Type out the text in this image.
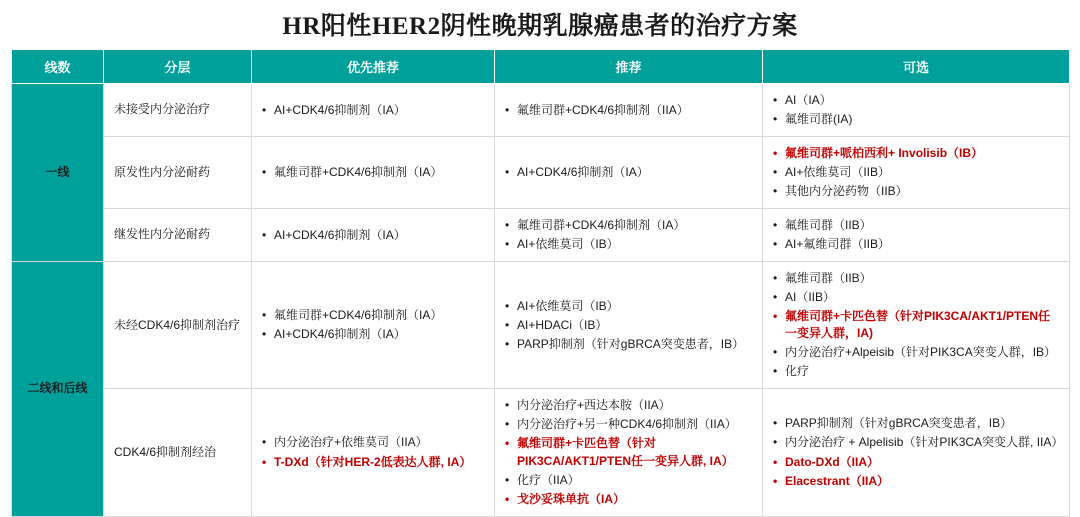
HR阳性HER2阴性晚期乳腺癌患者的治疗方案
线数	分层	优先推荐	推荐	可选
一线	未接受内分泌治疗	
•AI+CDK4/6抑制剂（IA）

•氟维司群+CDK4/6抑制剂（IIA）

• AI（IA）
• 氟维司群(IA)

原发性内分泌耐药	
•氟维司群+CDK4/6抑制剂（IA）

•AI+CDK4/6抑制剂（IA）

• 氟维司群+哌柏西利+ Involisib（IB）
• AI+依维莫司（IIB）
• 其他内分泌药物（IIB）

继发性内分泌耐药	
•AI+CDK4/6抑制剂（IA）

• 氟维司群+CDK4/6抑制剂（IA）
• AI+依维莫司（IB）

• 氟维司群（IIB）
• AI+氟维司群（IIB）

二线和后线	未经CDK4/6抑制剂治疗	
• 氟维司群+CDK4/6抑制剂（IA）
• AI+CDK4/6抑制剂（IA）

• AI+依维莫司（IB）
• AI+HDACi（IB）
• PARP抑制剂（针对gBRCA突变患者，IB）

• 氟维司群（IIB）
• AI（IIB）
• 氟维司群+卡匹色替（针对PIK3CA/AKT1/PTEN任一变异人群，IA)
• 内分泌治疗+Alpeisib（针对PIK3CA突变人群，IB）
• 化疗

CDK4/6抑制剂经治	
• 内分泌治疗+依维莫司（IIA）
• T-DXd（针对HER-2低表达人群, IA）

• 内分泌治疗+西达本胺（IIA）
• 内分泌治疗+另一种CDK4/6抑制剂（IIA）
• 氟维司群+卡匹色替（针对PIK3CA/AKT1/PTEN任一变异人群, IA）
• 化疗（IIA）
• 戈沙妥珠单抗（IA）

• PARP抑制剂（针对gBRCA突变患者，IB）
• 内分泌治疗 + Alpelisib（针对PIK3CA突变人群, IIA）
• Dato-DXd（IIA）
• Elacestrant（IIA）
